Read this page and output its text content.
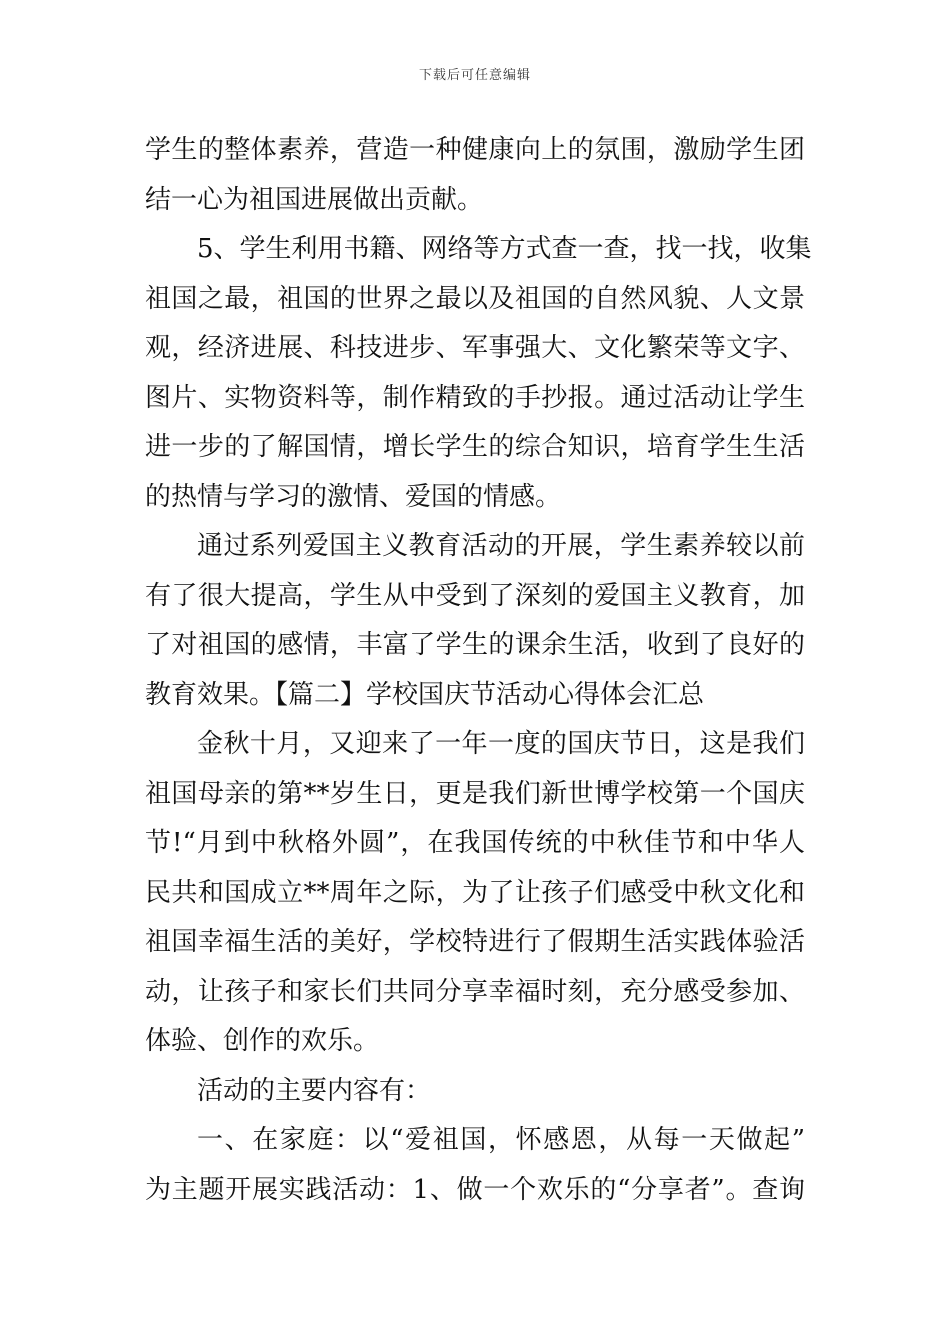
下载后可任意编辑
学生的整体素养，营造一种健康向上的氛围，激励学生团
结一心为祖国进展做出贡献。
5、学生利用书籍、网络等方式查一查，找一找，收集
祖国之最，祖国的世界之最以及祖国的自然风貌、人文景
观，经济进展、科技进步、军事强大、文化繁荣等文字、
图片、实物资料等，制作精致的手抄报。通过活动让学生
进一步的了解国情，增长学生的综合知识，培育学生生活
的热情与学习的激情、爱国的情感。
通过系列爱国主义教育活动的开展，学生素养较以前
有了很大提高，学生从中受到了深刻的爱国主义教育，加
了对祖国的感情，丰富了学生的课余生活，收到了良好的
教育效果。【篇二】学校国庆节活动心得体会汇总
金秋十月，又迎来了一年一度的国庆节日，这是我们
祖国母亲的第**岁生日，更是我们新世博学校第一个国庆
节!“月到中秋格外圆”，在我国传统的中秋佳节和中华人
民共和国成立**周年之际，为了让孩子们感受中秋文化和
祖国幸福生活的美好，学校特进行了假期生活实践体验活
动，让孩子和家长们共同分享幸福时刻，充分感受参加、
体验、创作的欢乐。
活动的主要内容有：
一、在家庭：以“爱祖国，怀感恩，从每一天做起”
为主题开展实践活动：1、做一个欢乐的“分享者”。查询
